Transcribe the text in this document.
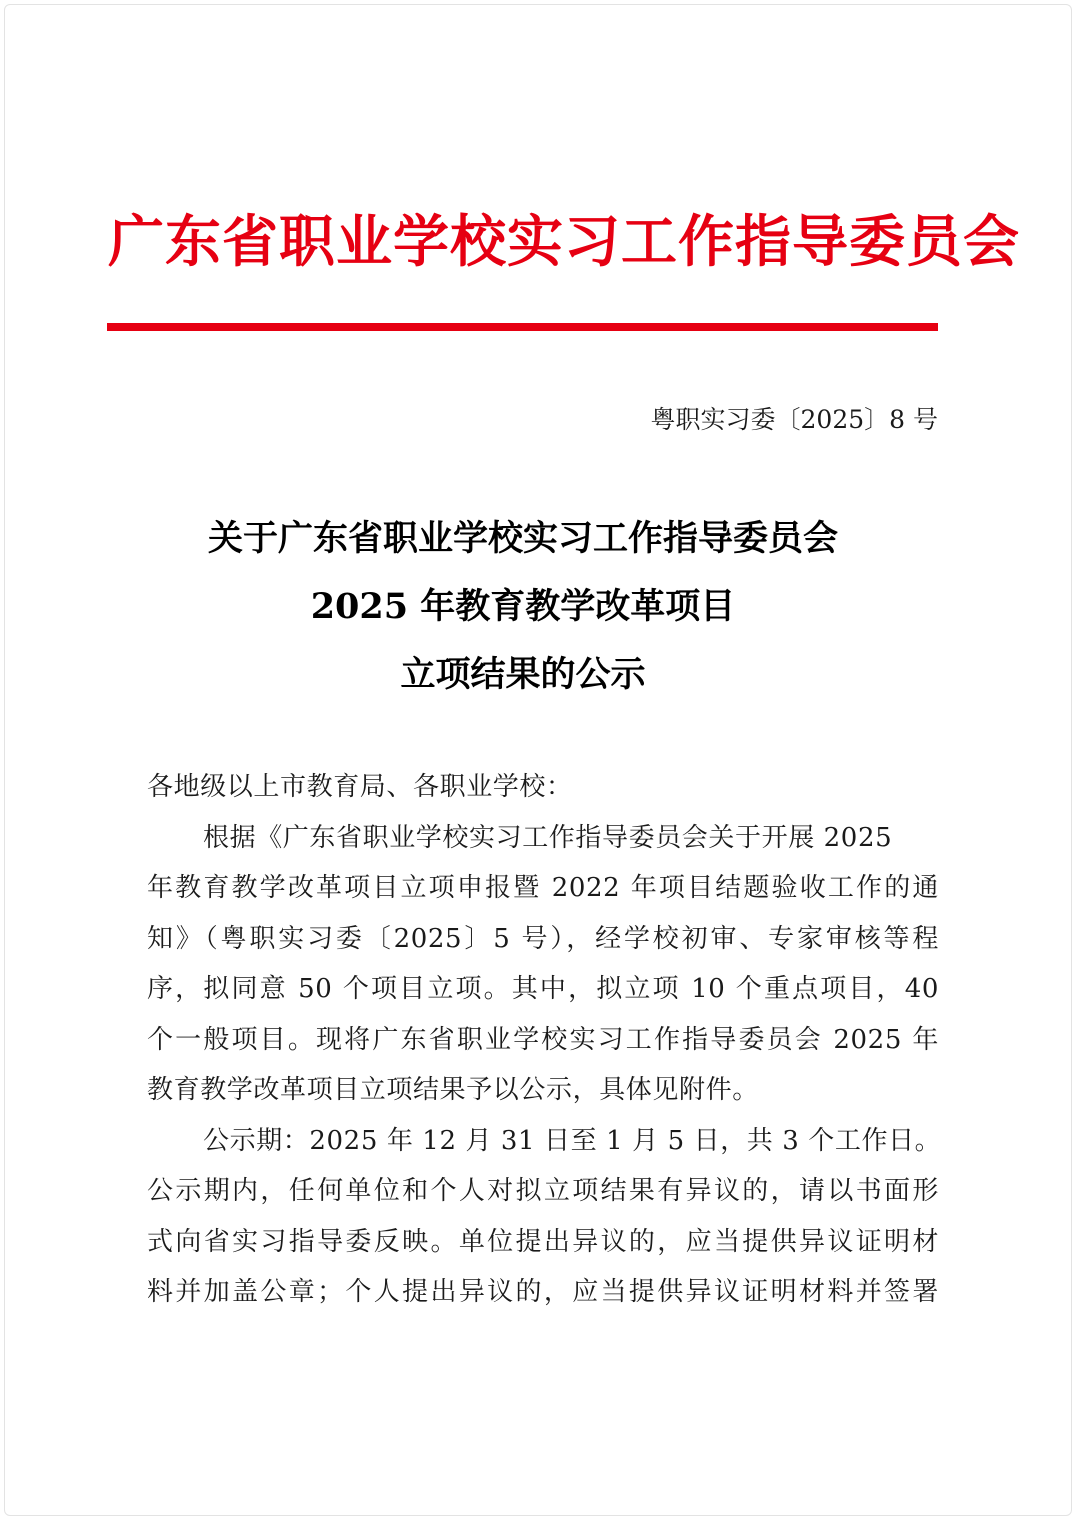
广东省职业学校实习工作指导委员会
粤职实习委〔2025〕8 号
关于广东省职业学校实习工作指导委员会
2025 年教育教学改革项目
立项结果的公示
各地级以上市教育局、各职业学校：
根据《广东省职业学校实习工作指导委员会关于开展 2025
年教育教学改革项目立项申报暨 2022 年项目结题验收工作的通
知》（粤职实习委〔2025〕5 号），经学校初审、专家审核等程
序，拟同意 50 个项目立项。其中，拟立项 10 个重点项目，40
个一般项目。现将广东省职业学校实习工作指导委员会 2025 年
教育教学改革项目立项结果予以公示，具体见附件。
公示期：2025 年 12 月 31 日至 1 月 5 日，共 3 个工作日。
公示期内，任何单位和个人对拟立项结果有异议的，请以书面形
式向省实习指导委反映。单位提出异议的，应当提供异议证明材
料并加盖公章；个人提出异议的，应当提供异议证明材料并签署
